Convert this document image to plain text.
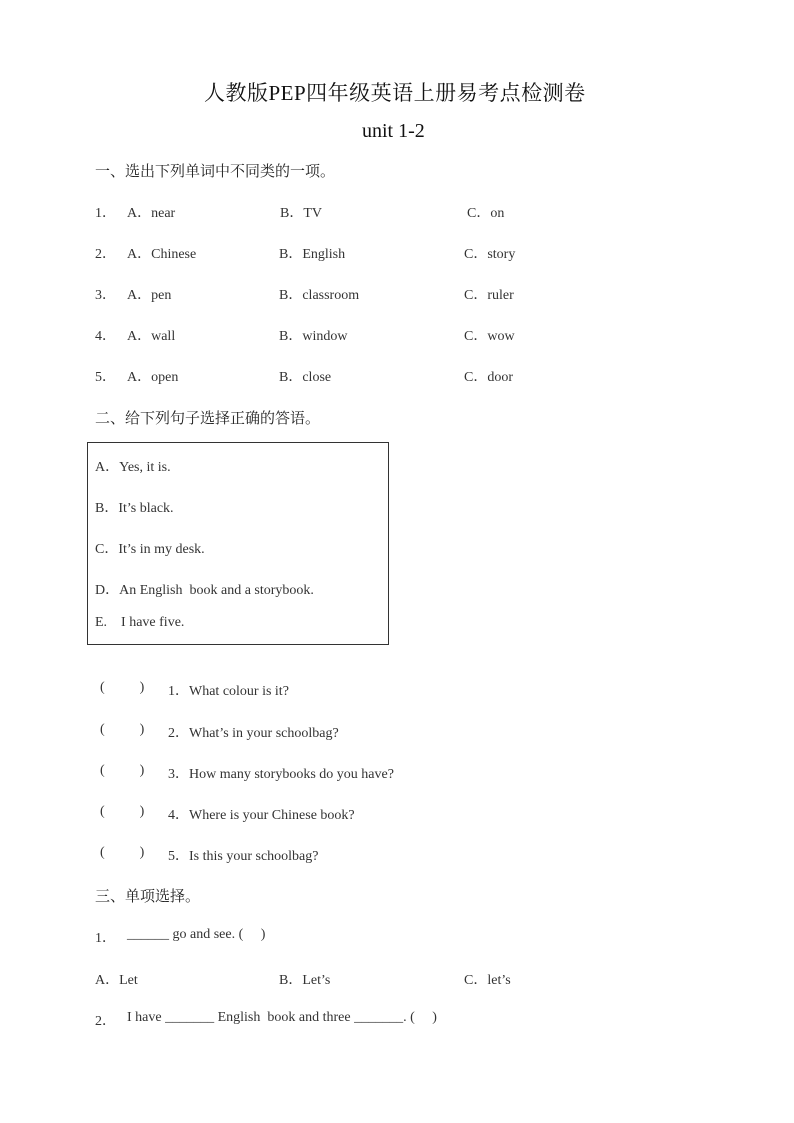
人教版PEP四年级英语上册易考点检测卷
unit 1-2
一、选出下列单词中不同类的一项。
1． A．near	B．TV	C．on
2． A．Chinese	B．English	C．story
3． A．pen	B．classroom	C．ruler
4． A．wall	B．window	C．wow
5． A．open	B．close	C．door
二、给下列句子选择正确的答语。
A．Yes, it is.
B．It’s black.
C．It’s in my desk.
D．An English  book and a storybook.
E.    I have five.
(          ) 1．What colour is it?
(          ) 2．What’s in your schoolbag?
(          ) 3．How many storybooks do you have?
(          ) 4．Where is your Chinese book?
(          ) 5．Is this your schoolbag?
三、单项选择。
1． ______ go and see. (     )
A．Let	B．Let’s	C．let’s
2． I have _______ English  book and three _______. (     )
